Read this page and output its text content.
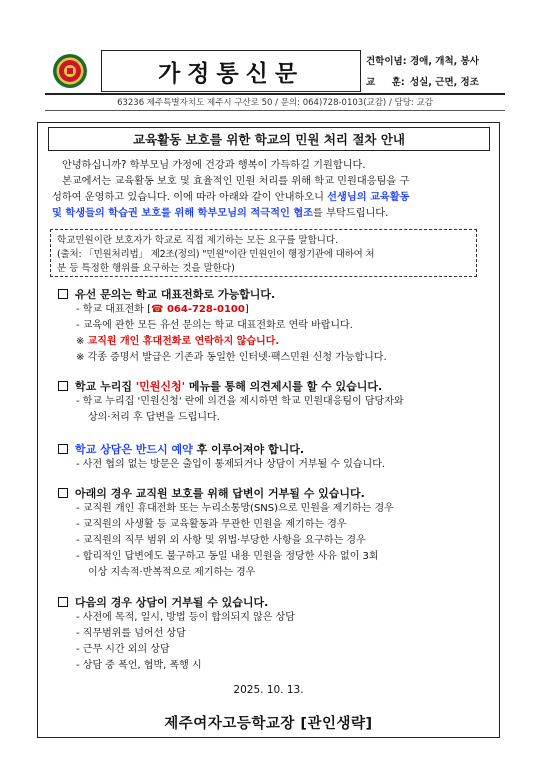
가정통신문	건학이념: 경애, 개척, 봉사
교     훈: 성실, 근면, 정조
63236 제주특별자치도 제주시 구산로 50 / 문의: 064)728-0103(교감) / 담당: 교감
교육활동 보호를 위한 학교의 민원 처리 절차 안내
안녕하십니까? 학부모님 가정에 건강과 행복이 가득하길 기원합니다.
본교에서는 교육활동 보호 및 효율적인 민원 처리를 위해 학교 민원대응팀을 구
성하여 운영하고 있습니다. 이에 따라 아래와 같이 안내하오니 선생님의 교육활동
및 학생들의 학습권 보호를 위해 학부모님의 적극적인 협조를 부탁드립니다.
학교민원이란 보호자가 학교로 직접 제기하는 모든 요구를 말합니다.
(출처: 「민원처리법」 제2조(정의) "민원"이란 민원인이 행정기관에 대하여 처
분 등 특정한 행위를 요구하는 것을 말한다)
유선 문의는 학교 대표전화로 가능합니다.
- 학교 대표전화 [☎ 064-728-0100]
- 교육에 관한 모든 유선 문의는 학교 대표전화로 연락 바랍니다.
※ 교직원 개인 휴대전화로 연락하지 않습니다.
※ 각종 증명서 발급은 기존과 동일한 인터넷·팩스민원 신청 가능합니다.
학교 누리집 '민원신청' 메뉴를 통해 의견제시를 할 수 있습니다.
- 학교 누리집 '민원신청' 란에 의견을 제시하면 학교 민원대응팀이 담당자와
상의·처리 후 답변을 드립니다.
학교 상담은 반드시 예약 후 이루어져야 합니다.
- 사전 협의 없는 방문은 출입이 통제되거나 상담이 거부될 수 있습니다.
아래의 경우 교직원 보호를 위해 답변이 거부될 수 있습니다.
- 교직원 개인 휴대전화 또는 누리소통망(SNS)으로 민원을 제기하는 경우
- 교직원의 사생활 등 교육활동과 무관한 민원을 제기하는 경우
- 교직원의 직무 범위 외 사항 및 위법·부당한 사항을 요구하는 경우
- 합리적인 답변에도 불구하고 동일 내용 민원을 정당한 사유 없이 3회
이상 지속적·반복적으로 제기하는 경우
다음의 경우 상담이 거부될 수 있습니다.
- 사전에 목적, 일시, 방법 등이 합의되지 않은 상담
- 직무범위를 넘어선 상담
- 근무 시간 외의 상담
- 상담 중 폭언, 협박, 폭행 시
2025. 10. 13.
제주여자고등학교장 [관인생략]
